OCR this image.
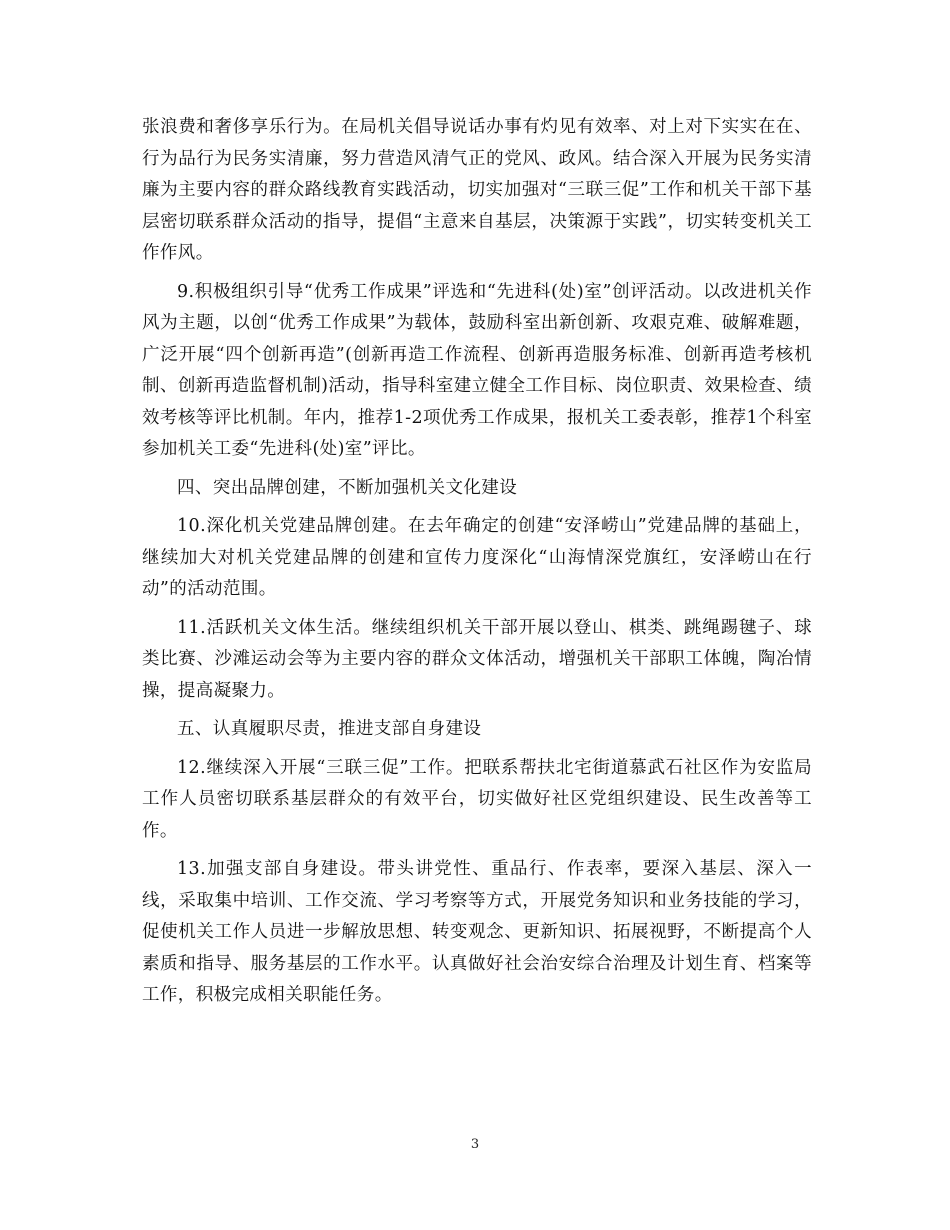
张浪费和奢侈享乐行为。在局机关倡导说话办事有灼见有效率、对上对下实实在在、行为品行为民务实清廉，努力营造风清气正的党风、政风。结合深入开展为民务实清廉为主要内容的群众路线教育实践活动，切实加强对“三联三促”工作和机关干部下基层密切联系群众活动的指导，提倡“主意来自基层，决策源于实践”，切实转变机关工作作风。

9.积极组织引导“优秀工作成果”评选和“先进科(处)室”创评活动。以改进机关作风为主题，以创“优秀工作成果”为载体，鼓励科室出新创新、攻艰克难、破解难题，广泛开展“四个创新再造”(创新再造工作流程、创新再造服务标准、创新再造考核机制、创新再造监督机制)活动，指导科室建立健全工作目标、岗位职责、效果检查、绩效考核等评比机制。年内，推荐1-2项优秀工作成果，报机关工委表彰，推荐1个科室参加机关工委“先进科(处)室”评比。

四、突出品牌创建，不断加强机关文化建设

10.深化机关党建品牌创建。在去年确定的创建“安泽崂山”党建品牌的基础上，继续加大对机关党建品牌的创建和宣传力度深化“山海情深党旗红，安泽崂山在行动”的活动范围。

11.活跃机关文体生活。继续组织机关干部开展以登山、棋类、跳绳踢毽子、球类比赛、沙滩运动会等为主要内容的群众文体活动，增强机关干部职工体魄，陶冶情操，提高凝聚力。

五、认真履职尽责，推进支部自身建设

12.继续深入开展“三联三促”工作。把联系帮扶北宅街道慕武石社区作为安监局工作人员密切联系基层群众的有效平台，切实做好社区党组织建设、民生改善等工作。

13.加强支部自身建设。带头讲党性、重品行、作表率，要深入基层、深入一线，采取集中培训、工作交流、学习考察等方式，开展党务知识和业务技能的学习，促使机关工作人员进一步解放思想、转变观念、更新知识、拓展视野，不断提高个人素质和指导、服务基层的工作水平。认真做好社会治安综合治理及计划生育、档案等工作，积极完成相关职能任务。

3
